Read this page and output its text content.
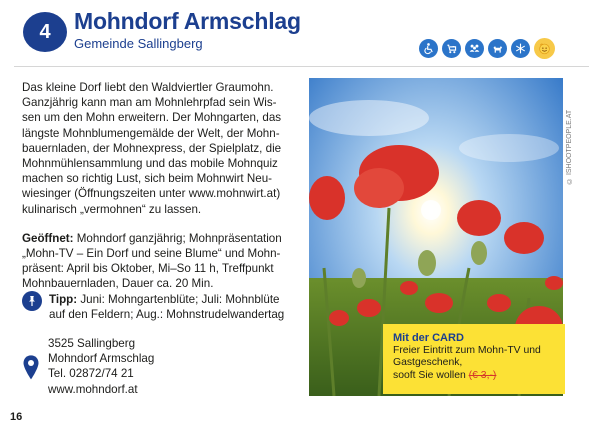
4	Mohndorf Armschlag
Gemeinde Sallingberg

Das kleine Dorf liebt den Waldviertler Graumohn.
Ganzjährig kann man am Mohnlehrpfad sein Wis-
sen um den Mohn erweitern. Der Mohngarten, das
längste Mohnblumengemälde der Welt, der Mohn-
bauernladen, der Mohnexpress, der Spielplatz, die
Mohnmühlensammlung und das mobile Mohnquiz
machen so richtig Lust, sich beim Mohnwirt Neu-
wiesinger (Öffnungszeiten unter www.mohnwirt.at)
kulinarisch „vermohnen“ zu lassen.

Geöffnet: Mohndorf ganzjährig; Mohnpräsentation
„Mohn-TV – Ein Dorf und seine Blume“ und Mohn-
präsent: April bis Oktober, Mi–So 11 h, Treffpunkt
Mohnbauernladen, Dauer ca. 20 Min.

Tipp: Juni: Mohngartenblüte; Juli: Mohnblüte
auf den Feldern; Aug.: Mohnstrudelwandertag

3525 Sallingberg
Mohndorf Armschlag
Tel. 02872/74 21
www.mohndorf.at
16
© ISHOOTPEOPLE.AT
Mit der CARD
Freier Eintritt zum Mohn-TV und
Gastgeschenk,
sooft Sie wollen (€ 3,-)
